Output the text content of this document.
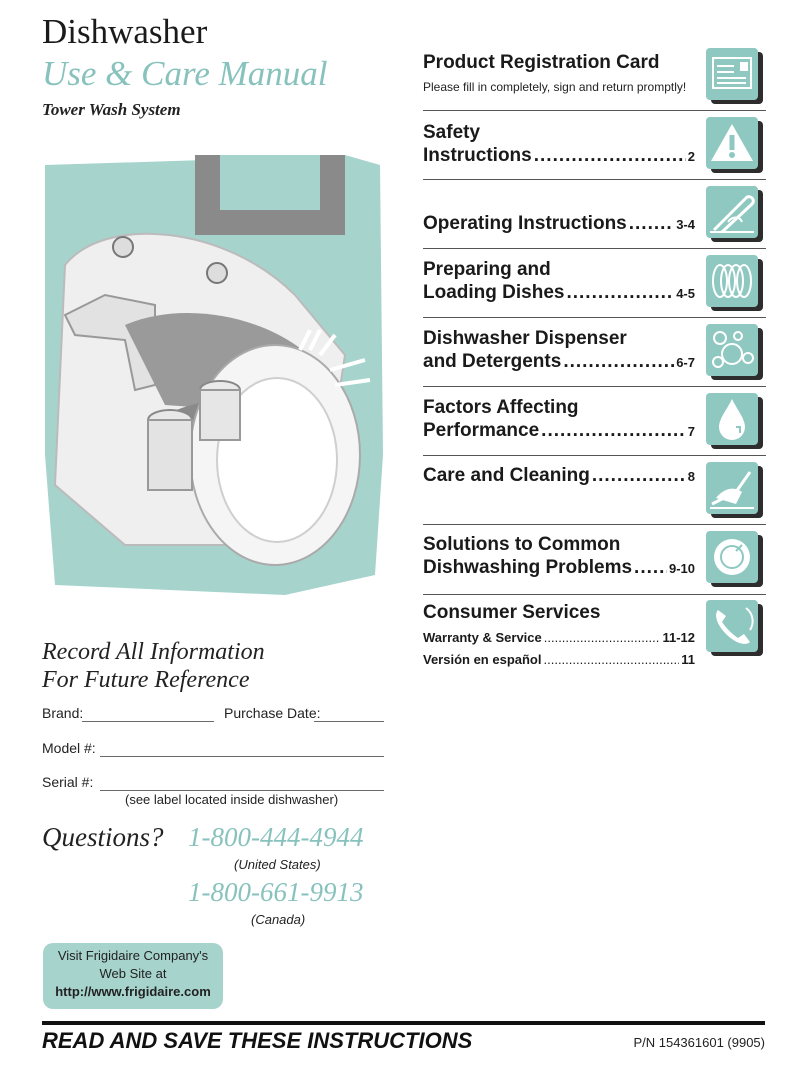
Dishwasher
Use & Care Manual
Tower Wash System
Record All Information
For Future Reference
Brand:	Purchase Date:
Model #:
Serial #:
(see label located inside dishwasher)
Questions? 1-800-444-4944
(United States)
1-800-661-9913
(Canada)
Visit Frigidaire Company's
Web Site at
http://www.frigidaire.com
READ AND SAVE THESE INSTRUCTIONS	P/N 154361601 (9905)
Product Registration Card
Please fill in completely, sign and return promptly!
Safety
Instructions .....	2
Operating Instructions .....	3-4
Preparing and
Loading Dishes .....	4-5
Dishwasher Dispenser
and Detergents .....	6-7
Factors Affecting
Performance .....	7
Care and Cleaning .....	8
Solutions to Common
Dishwashing Problems .....	9-10
Consumer Services
Warranty & Service .....	11-12
Versión en español .....	11
